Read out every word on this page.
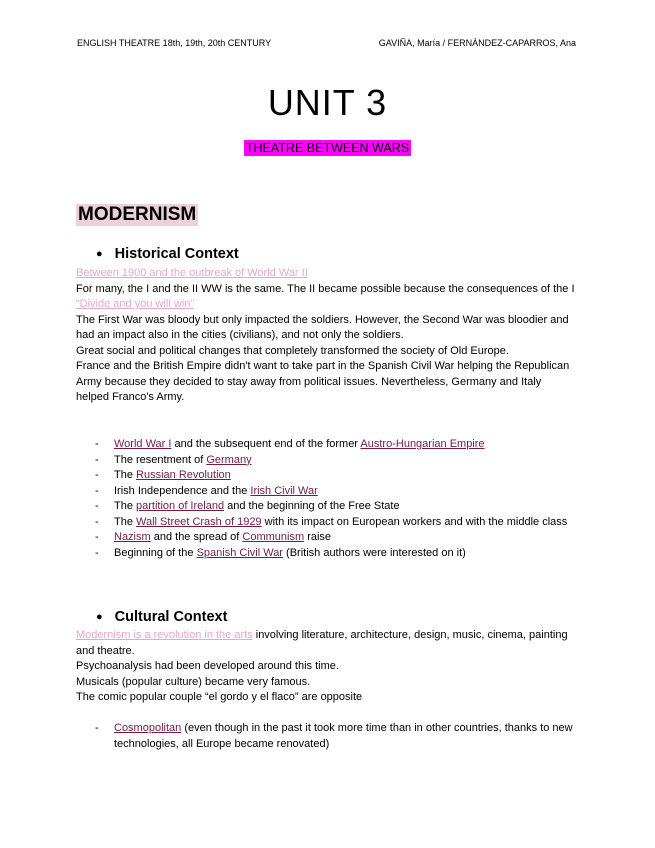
ENGLISH THEATRE 18th, 19th, 20th CENTURY	GAVIÑA, María / FERNÁNDEZ-CAPARROS, Ana
UNIT 3
THEATRE BETWEEN WARS
MODERNISM
● Historical Context

Between 1900 and the outbreak of World War II

For many, the I and the II WW is the same. The II became possible because the consequences of the I

“Divide and you will win”

The First War was bloody but only impacted the soldiers. However, the Second War was bloodier and had an impact also in the cities (civilians), and not only the soldiers.

Great social and political changes that completely transformed the society of Old Europe.

France and the British Empire didn't want to take part in the Spanish Civil War helping the Republican Army because they decided to stay away from political issues. Nevertheless, Germany and Italy helped Franco's Army.

- World War I and the subsequent end of the former Austro-Hungarian Empire
- The resentment of Germany
- The Russian Revolution
- Irish Independence and the Irish Civil War
- The partition of Ireland and the beginning of the Free State
- The Wall Street Crash of 1929 with its impact on European workers and with the middle class
- Nazism and the spread of Communism raise
- Beginning of the Spanish Civil War (British authors were interested on it)
● Cultural Context

Modernism is a revolution in the arts involving literature, architecture, design, music, cinema, painting and theatre.

Psychoanalysis had been developed around this time.

Musicals (popular culture) became very famous.

The comic popular couple “el gordo y el flaco” are opposite

- Cosmopolitan (even though in the past it took more time than in other countries, thanks to new technologies, all Europe became renovated)
